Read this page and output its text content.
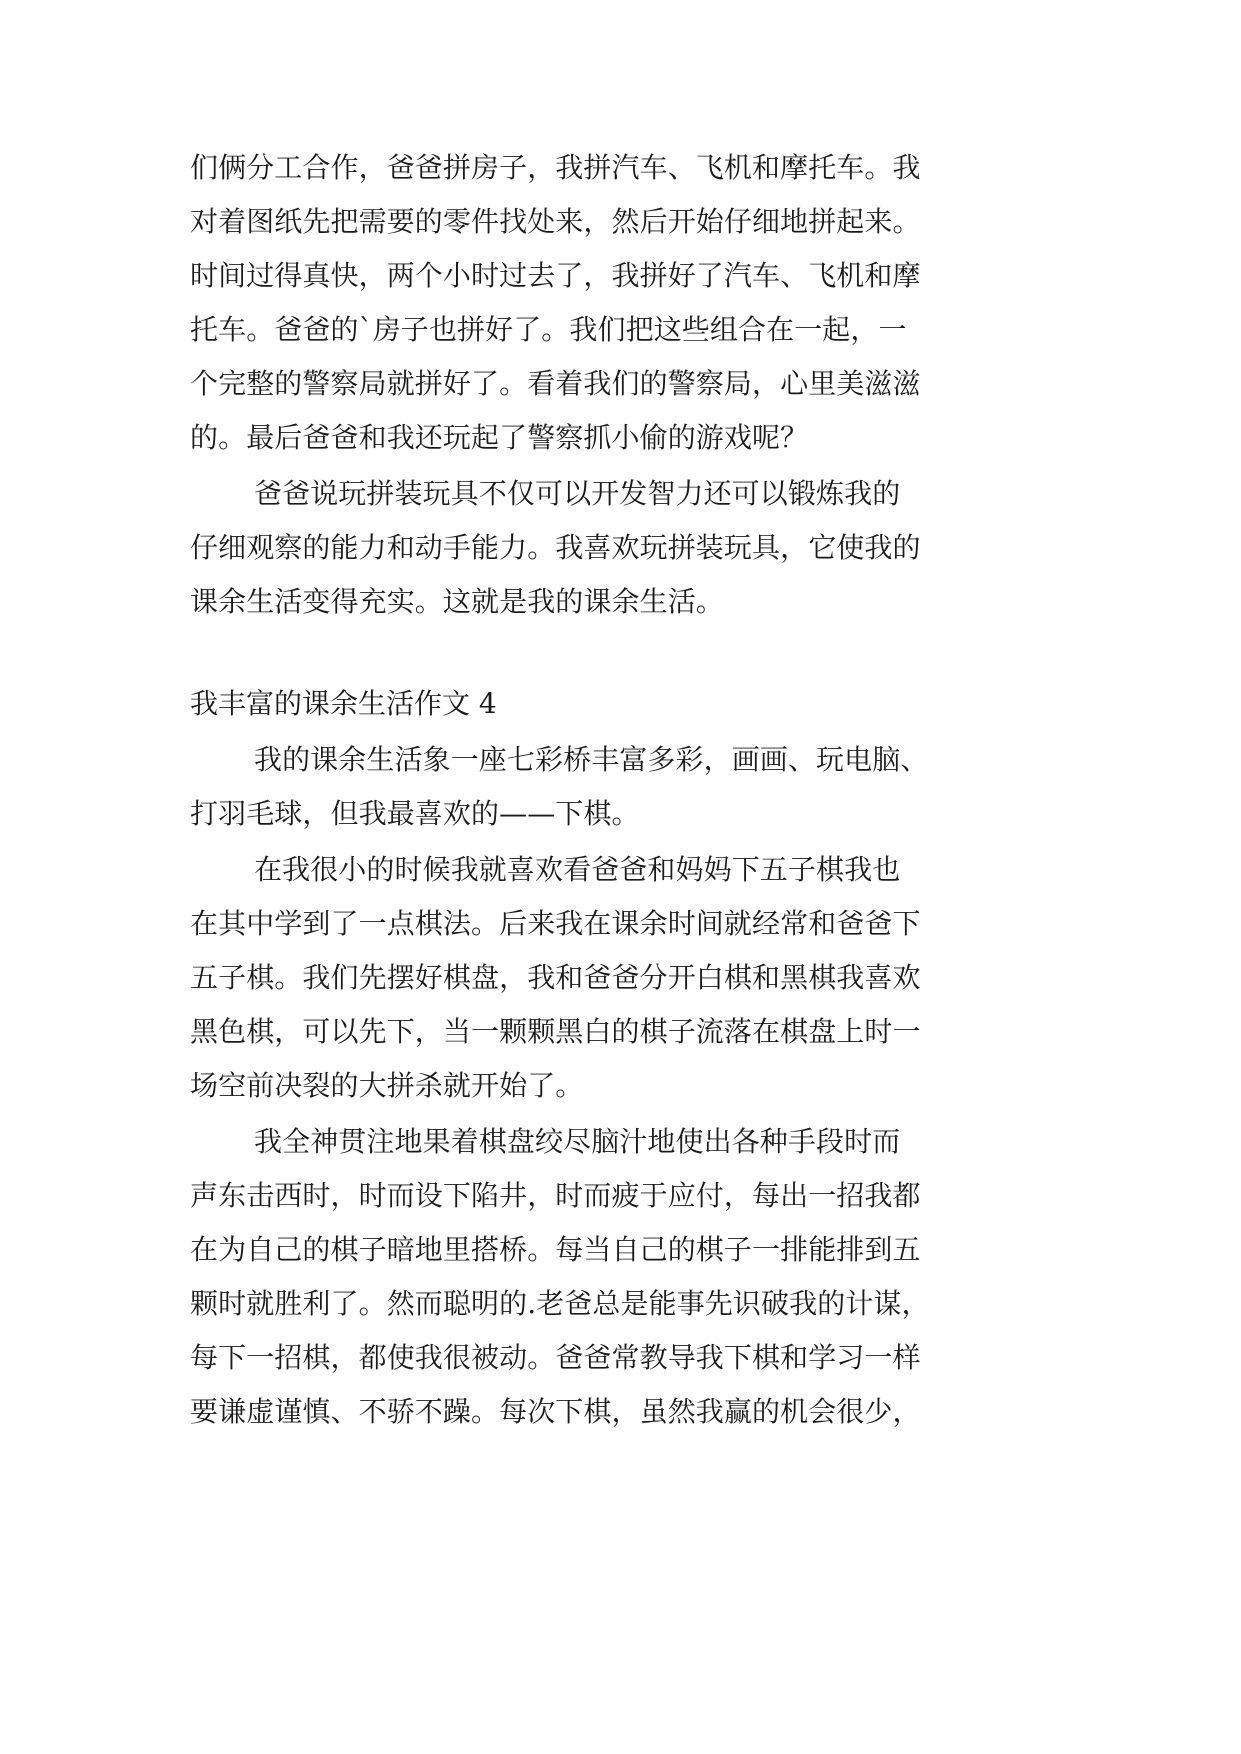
们俩分工合作，爸爸拼房子，我拼汽车、飞机和摩托车。我
对着图纸先把需要的零件找处来，然后开始仔细地拼起来。
时间过得真快，两个小时过去了，我拼好了汽车、飞机和摩
托车。爸爸的`房子也拼好了。我们把这些组合在一起，一
个完整的警察局就拼好了。看着我们的警察局，心里美滋滋
的。最后爸爸和我还玩起了警察抓小偷的游戏呢？
爸爸说玩拼装玩具不仅可以开发智力还可以锻炼我的
仔细观察的能力和动手能力。我喜欢玩拼装玩具，它使我的
课余生活变得充实。这就是我的课余生活。
我丰富的课余生活作文 4
我的课余生活象一座七彩桥丰富多彩，画画、玩电脑、
打羽毛球，但我最喜欢的——下棋。
在我很小的时候我就喜欢看爸爸和妈妈下五子棋我也
在其中学到了一点棋法。后来我在课余时间就经常和爸爸下
五子棋。我们先摆好棋盘，我和爸爸分开白棋和黑棋我喜欢
黑色棋，可以先下，当一颗颗黑白的棋子流落在棋盘上时一
场空前决裂的大拼杀就开始了。
我全神贯注地果着棋盘绞尽脑汁地使出各种手段时而
声东击西时，时而设下陷井，时而疲于应付，每出一招我都
在为自己的棋子暗地里搭桥。每当自己的棋子一排能排到五
颗时就胜利了。然而聪明的.老爸总是能事先识破我的计谋，
每下一招棋，都使我很被动。爸爸常教导我下棋和学习一样
要谦虚谨慎、不骄不躁。每次下棋，虽然我赢的机会很少，
